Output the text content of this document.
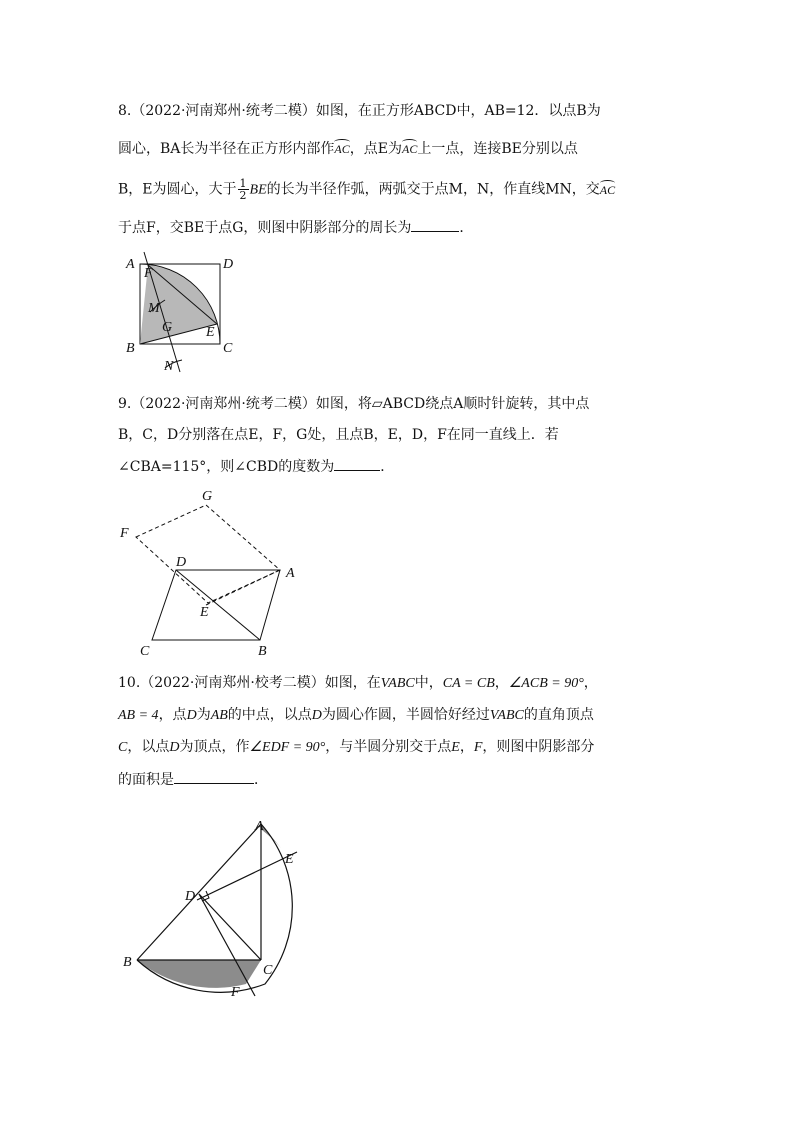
8.（2022·河南郑州·统考二模）如图，在正方形ABCD中，AB=12．以点B为
圆心，BA长为半径在正方形内部作AC，点E为AC上一点，连接BE分别以点
B，E为圆心，大于 $\frac{1}{2}$ BE的长为半径作弧，两弧交于点M，N，作直线MN，交AC
于点F，交BE于点G，则图中阴影部分的周长为	．
A	D
F
M
G E
B	C
N
9.（2022·河南郑州·统考二模）如图，将▱ABCD绕点A顺时针旋转，其中点
B，C，D分别落在点E，F，G处，且点B，E，D，F在同一直线上．若
∠CBA=115°，则∠CBD的度数为	．
G
F
D
A
E
C	B
10.（2022·河南郑州·校考二模）如图，在VABC中，CA = CB，∠ACB = 90°，
AB = 4，点D为AB的中点，以点D为圆心作圆，半圆恰好经过VABC的直角顶点
C，以点D为顶点，作∠EDF = 90°，与半圆分别交于点E，F，则图中阴影部分
的面积是	．
A
E
D
B
C
F
